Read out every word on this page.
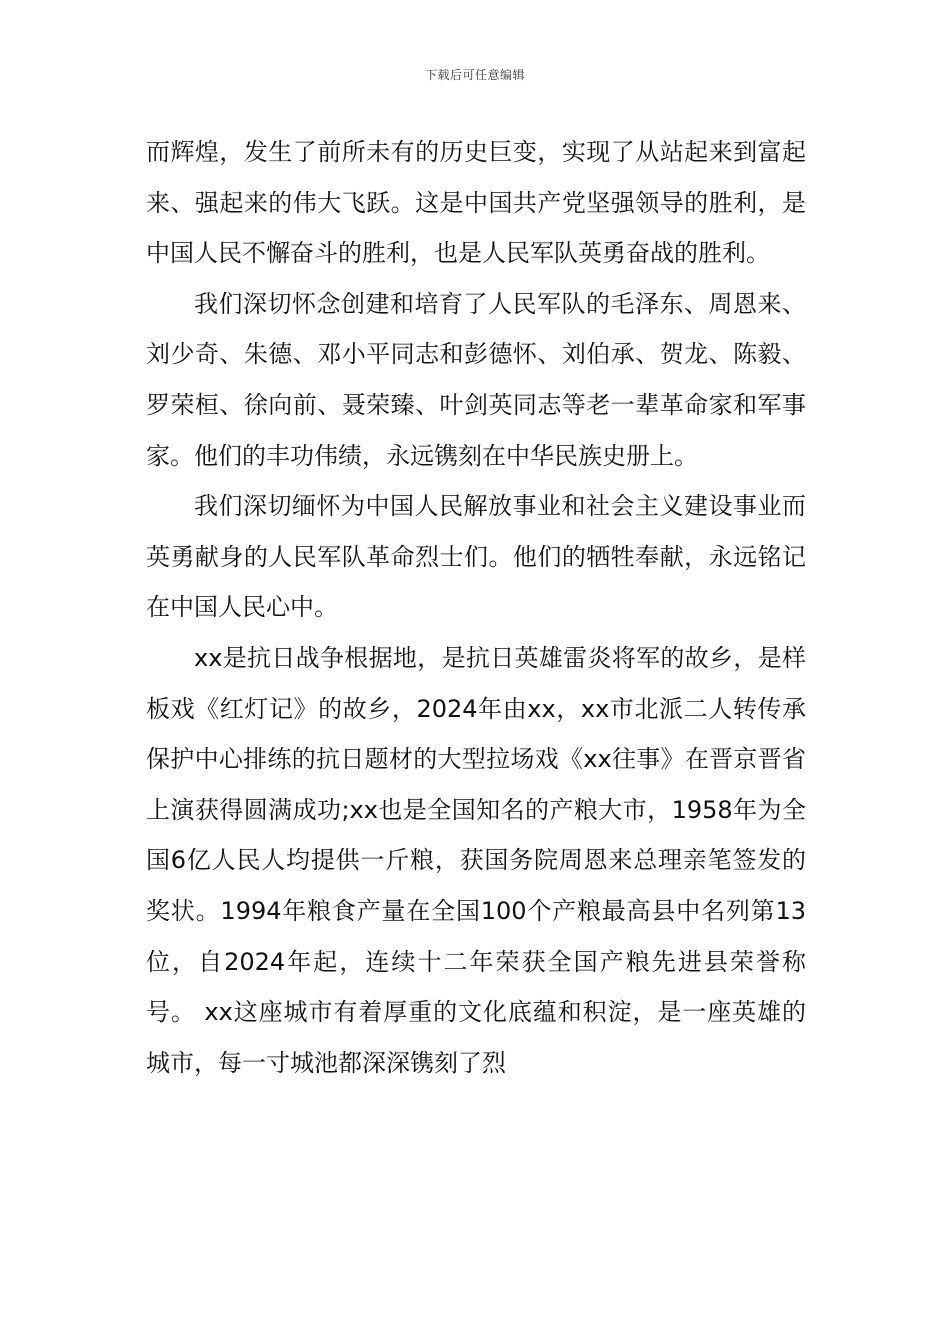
下载后可任意编辑

而辉煌，发生了前所未有的历史巨变，实现了从站起来到富起来、强起来的伟大飞跃。这是中国共产党坚强领导的胜利，是中国人民不懈奋斗的胜利，也是人民军队英勇奋战的胜利。

我们深切怀念创建和培育了人民军队的毛泽东、周恩来、刘少奇、朱德、邓小平同志和彭德怀、刘伯承、贺龙、陈毅、罗荣桓、徐向前、聂荣臻、叶剑英同志等老一辈革命家和军事家。他们的丰功伟绩，永远镌刻在中华民族史册上。

我们深切缅怀为中国人民解放事业和社会主义建设事业而英勇献身的人民军队革命烈士们。他们的牺牲奉献，永远铭记在中国人民心中。

xx是抗日战争根据地，是抗日英雄雷炎将军的故乡，是样板戏《红灯记》的故乡，2024年由xx，xx市北派二人转传承保护中心排练的抗日题材的大型拉场戏《xx往事》在晋京晋省上演获得圆满成功;xx也是全国知名的产粮大市，1958年为全国6亿人民人均提供一斤粮，获国务院周恩来总理亲笔签发的奖状。1994年粮食产量在全国100个产粮最高县中名列第13位，自2024年起，连续十二年荣获全国产粮先进县荣誉称号。 xx这座城市有着厚重的文化底蕴和积淀，是一座英雄的城市，每一寸城池都深深镌刻了烈
